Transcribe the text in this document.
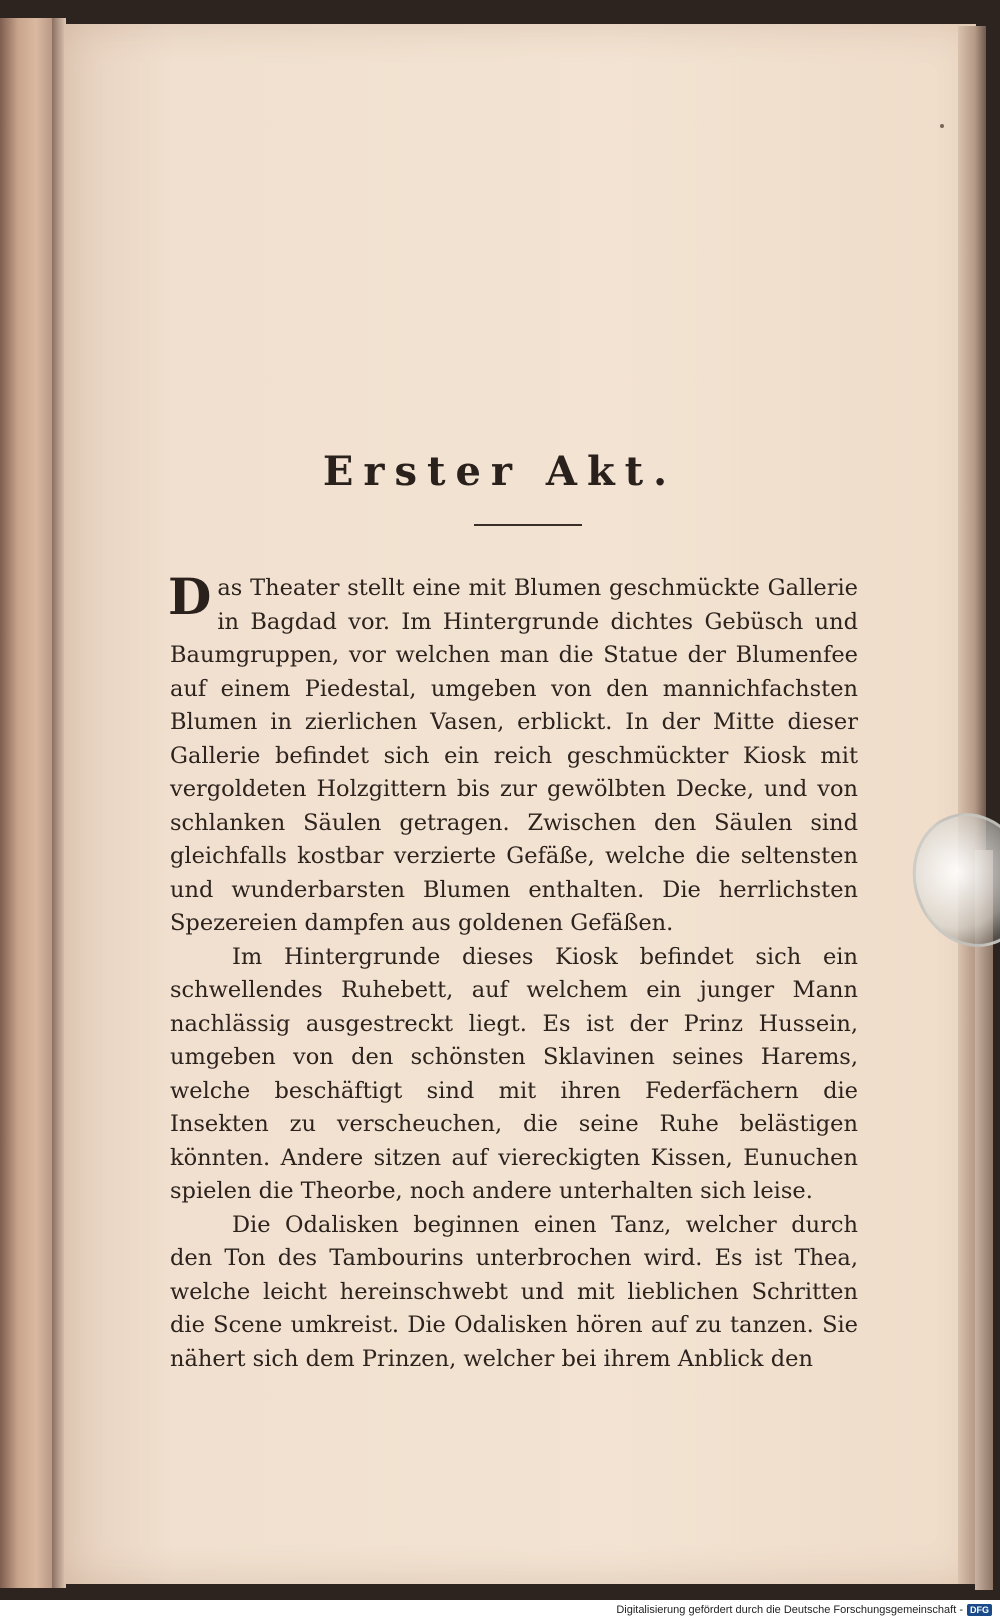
Erster Akt.

Das Theater stellt eine mit Blumen geschmückte Gallerie in Bagdad vor. Im Hintergrunde dichtes Gebüsch und Baumgruppen, vor welchen man die Statue der Blumenfee auf einem Piedestal, umgeben von den mannichfachsten Blumen in zierlichen Vasen, erblickt. In der Mitte dieser Gallerie befindet sich ein reich geschmückter Kiosk mit vergoldeten Holzgittern bis zur gewölbten Decke, und von schlanken Säulen getragen. Zwischen den Säulen sind gleichfalls kostbar verzierte Gefäße, welche die seltensten und wunderbarsten Blumen enthalten. Die herrlichsten Spezereien dampfen aus goldenen Gefäßen.

Im Hintergrunde dieses Kiosk befindet sich ein schwellendes Ruhebett, auf welchem ein junger Mann nachlässig ausgestreckt liegt. Es ist der Prinz Hussein, umgeben von den schönsten Sklavinen seines Harems, welche beschäftigt sind mit ihren Federfächern die Insekten zu verscheuchen, die seine Ruhe belästigen könnten. Andere sitzen auf viereckigten Kissen, Eunuchen spielen die Theorbe, noch andere unterhalten sich leise.

Die Odalisken beginnen einen Tanz, welcher durch den Ton des Tambourins unterbrochen wird. Es ist Thea, welche leicht hereinschwebt und mit lieblichen Schritten die Scene umkreist. Die Odalisken hören auf zu tanzen. Sie nähert sich dem Prinzen, welcher bei ihrem Anblick den

Digitalisierung gefördert durch die Deutsche Forschungsgemeinschaft - DFG
